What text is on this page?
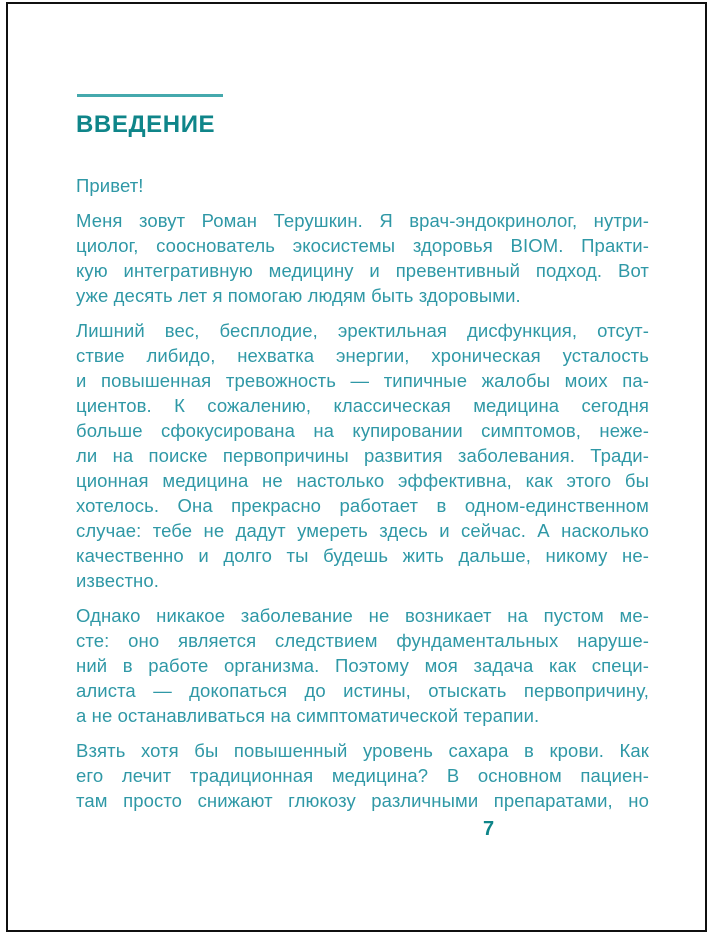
ВВЕДЕНИЕ
Привет!
Меня зовут Роман Терушкин. Я врач-эндокринолог, нутри-
циолог, сооснователь экосистемы здоровья BIOM. Практи-
кую интегративную медицину и превентивный подход. Вот
уже десять лет я помогаю людям быть здоровыми.
Лишний вес, бесплодие, эректильная дисфункция, отсут-
ствие либидо, нехватка энергии, хроническая усталость
и повышенная тревожность — типичные жалобы моих па-
циентов. К сожалению, классическая медицина сегодня
больше сфокусирована на купировании симптомов, неже-
ли на поиске первопричины развития заболевания. Тради-
ционная медицина не настолько эффективна, как этого бы
хотелось. Она прекрасно работает в одном-единственном
случае: тебе не дадут умереть здесь и сейчас. А насколько
качественно и долго ты будешь жить дальше, никому не-
известно.
Однако никакое заболевание не возникает на пустом ме-
сте: оно является следствием фундаментальных наруше-
ний в работе организма. Поэтому моя задача как специ-
алиста — докопаться до истины, отыскать первопричину,
а не останавливаться на симптоматической терапии.
Взять хотя бы повышенный уровень сахара в крови. Как
его лечит традиционная медицина? В основном пациен-
там просто снижают глюкозу различными препаратами, но
7
